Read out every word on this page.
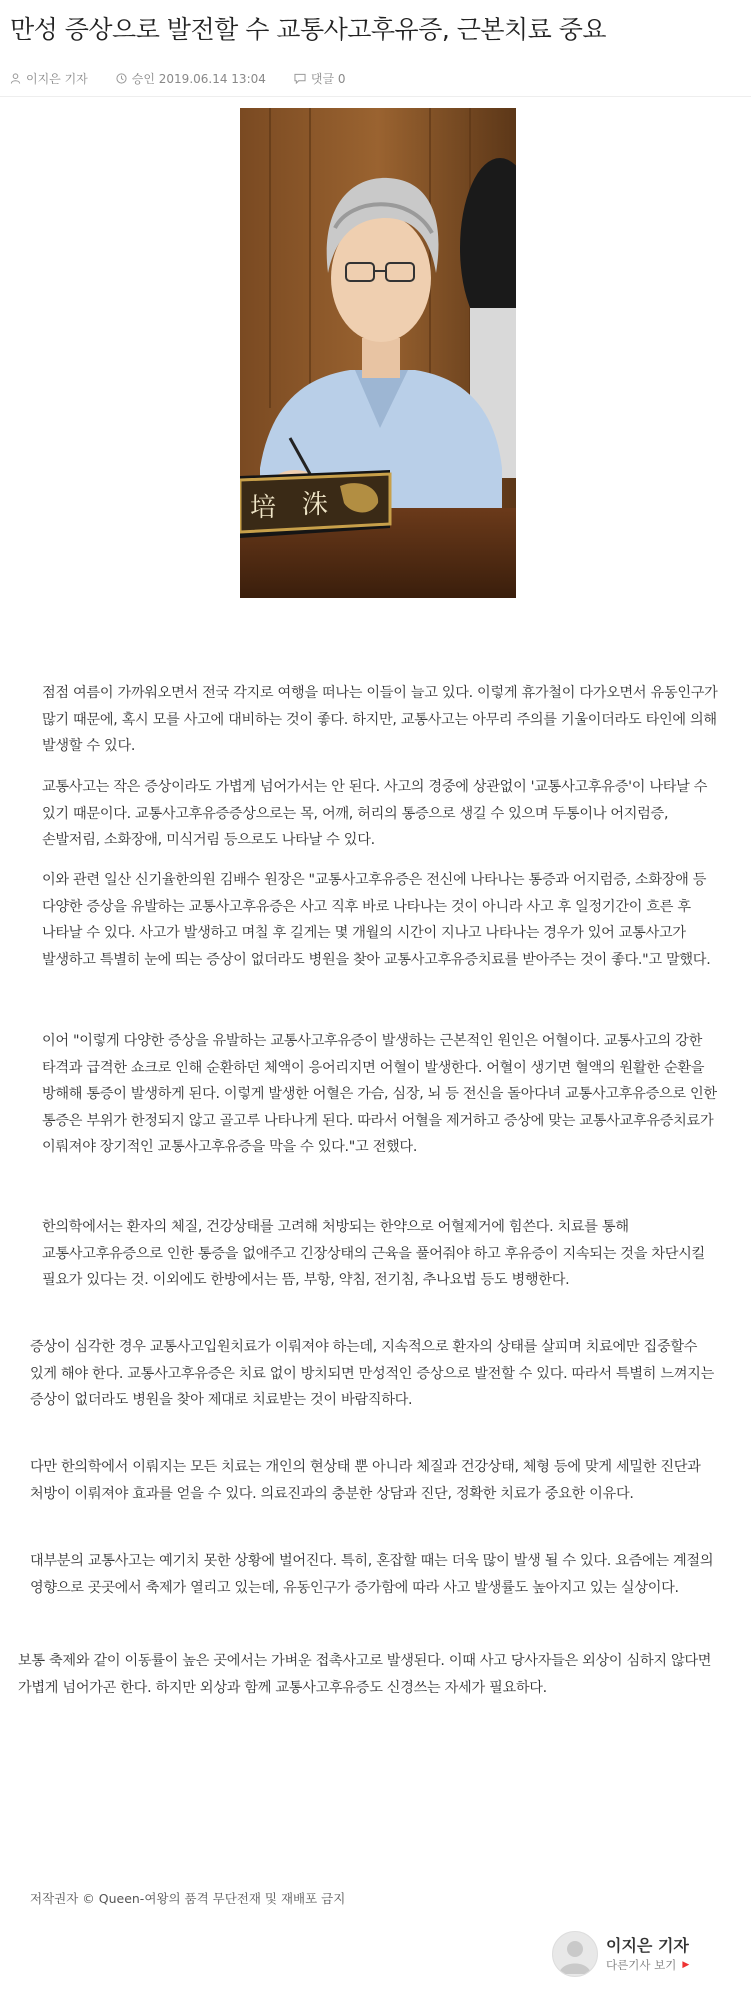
만성 증상으로 발전할 수 교통사고후유증, 근본치료 중요
이지은 기자	승인 2019.06.14 13:04	댓글 0
培 洙

점점 여름이 가까워오면서 전국 각지로 여행을 떠나는 이들이 늘고 있다. 이렇게 휴가철이 다가오면서 유동인구가 많기 때문에, 혹시 모를 사고에 대비하는 것이 좋다. 하지만, 교통사고는 아무리 주의를 기울이더라도 타인에 의해 발생할 수 있다.

교통사고는 작은 증상이라도 가볍게 넘어가서는 안 된다. 사고의 경중에 상관없이 '교통사고후유증'이 나타날 수 있기 때문이다. 교통사고후유증증상으로는 목, 어깨, 허리의 통증으로 생길 수 있으며 두통이나 어지럼증, 손발저림, 소화장애, 미식거림 등으로도 나타날 수 있다.

이와 관련 일산 신기율한의원 김배수 원장은 "교통사고후유증은 전신에 나타나는 통증과 어지럼증, 소화장애 등 다양한 증상을 유발하는 교통사고후유증은 사고 직후 바로 나타나는 것이 아니라 사고 후 일정기간이 흐른 후 나타날 수 있다. 사고가 발생하고 며칠 후 길게는 몇 개월의 시간이 지나고 나타나는 경우가 있어 교통사고가 발생하고 특별히 눈에 띄는 증상이 없더라도 병원을 찾아 교통사고후유증치료를 받아주는 것이 좋다."고 말했다.

이어 "이렇게 다양한 증상을 유발하는 교통사고후유증이 발생하는 근본적인 원인은 어혈이다. 교통사고의 강한 타격과 급격한 쇼크로 인해 순환하던 체액이 응어리지면 어혈이 발생한다. 어혈이 생기면 혈액의 원활한 순환을 방해해 통증이 발생하게 된다. 이렇게 발생한 어혈은 가슴, 심장, 뇌 등 전신을 돌아다녀 교통사고후유증으로 인한 통증은 부위가 한정되지 않고 골고루 나타나게 된다. 따라서 어혈을 제거하고 증상에 맞는 교통사교후유증치료가 이뤄져야 장기적인 교통사고후유증을 막을 수 있다."고 전했다.

한의학에서는 환자의 체질, 건강상태를 고려해 처방되는 한약으로 어혈제거에 힘쓴다. 치료를 통해 교통사고후유증으로 인한 통증을 없애주고 긴장상태의 근육을 풀어줘야 하고 후유증이 지속되는 것을 차단시킬 필요가 있다는 것. 이외에도 한방에서는 뜸, 부항, 약침, 전기침, 추나요법 등도 병행한다.

증상이 심각한 경우 교통사고입원치료가 이뤄져야 하는데, 지속적으로 환자의 상태를 살피며 치료에만 집중할수 있게 해야 한다. 교통사고후유증은 치료 없이 방치되면 만성적인 증상으로 발전할 수 있다. 따라서 특별히 느껴지는 증상이 없더라도 병원을 찾아 제대로 치료받는 것이 바람직하다.

다만 한의학에서 이뤄지는 모든 치료는 개인의 현상태 뿐 아니라 체질과 건강상태, 체형 등에 맞게 세밀한 진단과 처방이 이뤄져야 효과를 얻을 수 있다. 의료진과의 충분한 상담과 진단, 정확한 치료가 중요한 이유다.

대부분의 교통사고는 예기치 못한 상황에 벌어진다. 특히, 혼잡할 때는 더욱 많이 발생 될 수 있다. 요즘에는 계절의 영향으로 곳곳에서 축제가 열리고 있는데, 유동인구가 증가함에 따라 사고 발생률도 높아지고 있는 실상이다.

보통 축제와 같이 이동률이 높은 곳에서는 가벼운 접촉사고로 발생된다. 이때 사고 당사자들은 외상이 심하지 않다면 가볍게 넘어가곤 한다. 하지만 외상과 함께 교통사고후유증도 신경쓰는 자세가 필요하다.

저작권자 © Queen-여왕의 품격 무단전재 및 재배포 금지
이지은 기자
다른기사 보기 ▶
